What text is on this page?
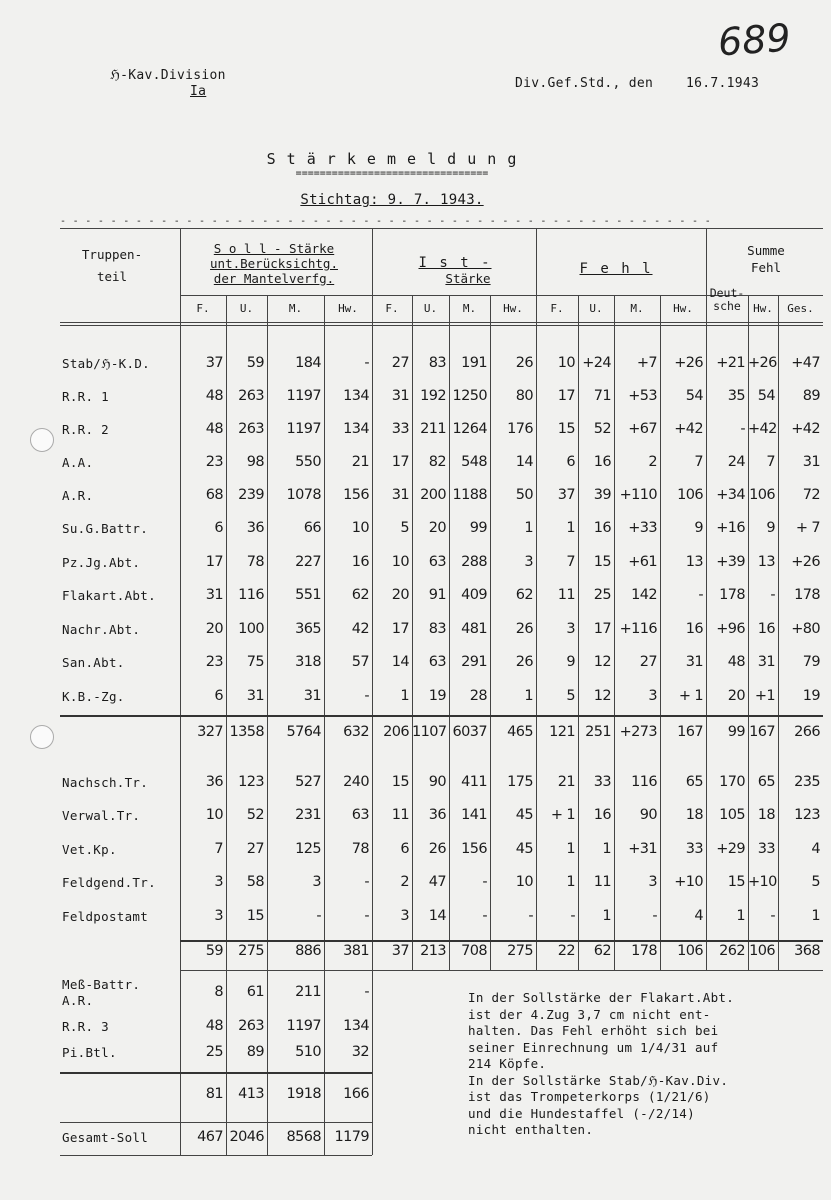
689
ℌ-Kav.Division
Ia
Div.Gef.Std., den	16.7.1943
S t ä r k e m e l d u n g
================================
Stichtag: 9. 7. 1943.
- - - - - - - - - - - - - - - - - - - - - - - - - - - - - - - - - - - - - - - - - - - - - - - - - - - -
Truppen-
teil
S o l l - Stärke
unt.Berücksichtg.
der Mantelverfg.
I s t -
Stärke
F e h l
Summe
Fehl
F.	U.	M.	Hw.	F.	U.	M.	Hw.	F.	U.	M.	Hw.
Deut-
sche	Hw.	Ges.
Stab/ℌ-K.D.	37	59	184	-	27	83	191	26	10 +24	+7	+26 +21 +26 +47
R.R. 1	48	263	1197	134	31 192 1250	80	17	71	+53	54	35 54	89
R.R. 2	48	263	1197	134	33 211 1264	176	15	52	+67	+42	- +42 +42
A.A.	23	98	550	21	17	82	548	14	6	16	2	7	24	7	31
A.R.	68	239	1078	156	31 200 1188	50	37	39 +110	106 +34 106	72
Su.G.Battr.	6	36	66	10	5	20	99	1	1	16	+33	9 +16	9	+ 7
Pz.Jg.Abt.	17	78	227	16	10	63	288	3	7	15	+61	13 +39 13	+26
Flakart.Abt.	31	116	551	62	20	91	409	62	11	25	142	-	178	-	178
Nachr.Abt.	20	100	365	42	17	83	481	26	3	17 +116	16 +96 16	+80
San.Abt.	23	75	318	57	14	63	291	26	9	12	27	31	48 31	79
K.B.-Zg.	6	31	31	-	1	19	28	1	5	12	3	+ 1	20 +1	19
327 1358	5764	632 206 1107 6037	465	121 251 +273	167	99 167	266
Nachsch.Tr.	36	123	527	240	15	90	411	175	21	33	116	65	170 65	235
Verwal.Tr.	10	52	231	63	11	36	141	45	+ 1	16	90	18	105 18	123
Vet.Kp.	7	27	125	78	6	26	156	45	1	1	+31	33 +29 33	4
Feldgend.Tr.	3	58	3	-	2	47	-	10	1	11	3	+10	15 +10	5
Feldpostamt	3	15	-	-	3	14	-	-	-	1	-	4	1	-	1
59	275	886	381	37 213	708	275	22	62	178	106	262 106	368
Meß-Battr.
A.R.
8	61	211	-
R.R. 3	48	263	1197	134
Pi.Btl.	25	89	510	32
81	413	1918	166
Gesamt-Soll	467 2046	8568 1179
In der Sollstärke der Flakart.Abt.
ist der 4.Zug 3,7 cm nicht ent-
halten. Das Fehl erhöht sich bei
seiner Einrechnung um 1/4/31 auf
214 Köpfe.
In der Sollstärke Stab/ℌ-Kav.Div.
ist das Trompeterkorps (1/21/6)
und die Hundestaffel (-/2/14)
nicht enthalten.
